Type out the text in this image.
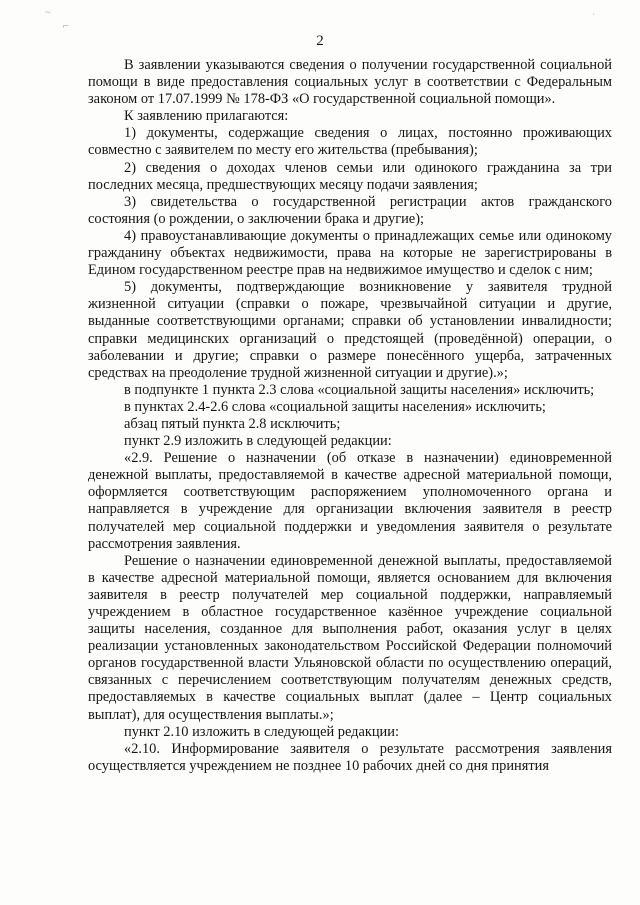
~
⌐
·
2

В заявлении указываются сведения о получении государственной социальной помощи в виде предоставления социальных услуг в соответствии с Федеральным законом от 17.07.1999 № 178-ФЗ «О государственной социальной помощи».

К заявлению прилагаются:

1) документы, содержащие сведения о лицах, постоянно проживающих совместно с заявителем по месту его жительства (пребывания);

2) сведения о доходах членов семьи или одинокого гражданина за три последних месяца, предшествующих месяцу подачи заявления;

3) свидетельства о государственной регистрации актов гражданского состояния (о рождении, о заключении брака и другие);

4) правоустанавливающие документы о принадлежащих семье или одинокому гражданину объектах недвижимости, права на которые не зарегистрированы в Едином государственном реестре прав на недвижимое имущество и сделок с ним;

5) документы, подтверждающие возникновение у заявителя трудной жизненной ситуации (справки о пожаре, чрезвычайной ситуации и другие, выданные соответствующими органами; справки об установлении инвалидности; справки медицинских организаций о предстоящей (проведённой) операции, о заболевании и другие; справки о размере понесённого ущерба, затраченных средствах на преодоление трудной жизненной ситуации и другие).»;

в подпункте 1 пункта 2.3 слова «социальной защиты населения» исключить;

в пунктах 2.4-2.6 слова «социальной защиты населения» исключить;

абзац пятый пункта 2.8 исключить;

пункт 2.9 изложить в следующей редакции:

«2.9. Решение о назначении (об отказе в назначении) единовременной денежной выплаты, предоставляемой в качестве адресной материальной помощи, оформляется соответствующим распоряжением уполномоченного органа и направляется в учреждение для организации включения заявителя в реестр получателей мер социальной поддержки и уведомления заявителя о результате рассмотрения заявления.

Решение о назначении единовременной денежной выплаты, предоставляемой в качестве адресной материальной помощи, является основанием для включения заявителя в реестр получателей мер социальной поддержки, направляемый учреждением в областное государственное казённое учреждение социальной защиты населения, созданное для выполнения работ, оказания услуг в целях реализации установленных законодательством Российской Федерации полномочий органов государственной власти Ульяновской области по осуществлению операций, связанных с перечислением соответствующим получателям денежных средств, предоставляемых в качестве социальных выплат (далее – Центр социальных выплат), для осуществления выплаты.»;

пункт 2.10 изложить в следующей редакции:

«2.10. Информирование заявителя о результате рассмотрения заявления осуществляется учреждением не позднее 10 рабочих дней со дня принятия
